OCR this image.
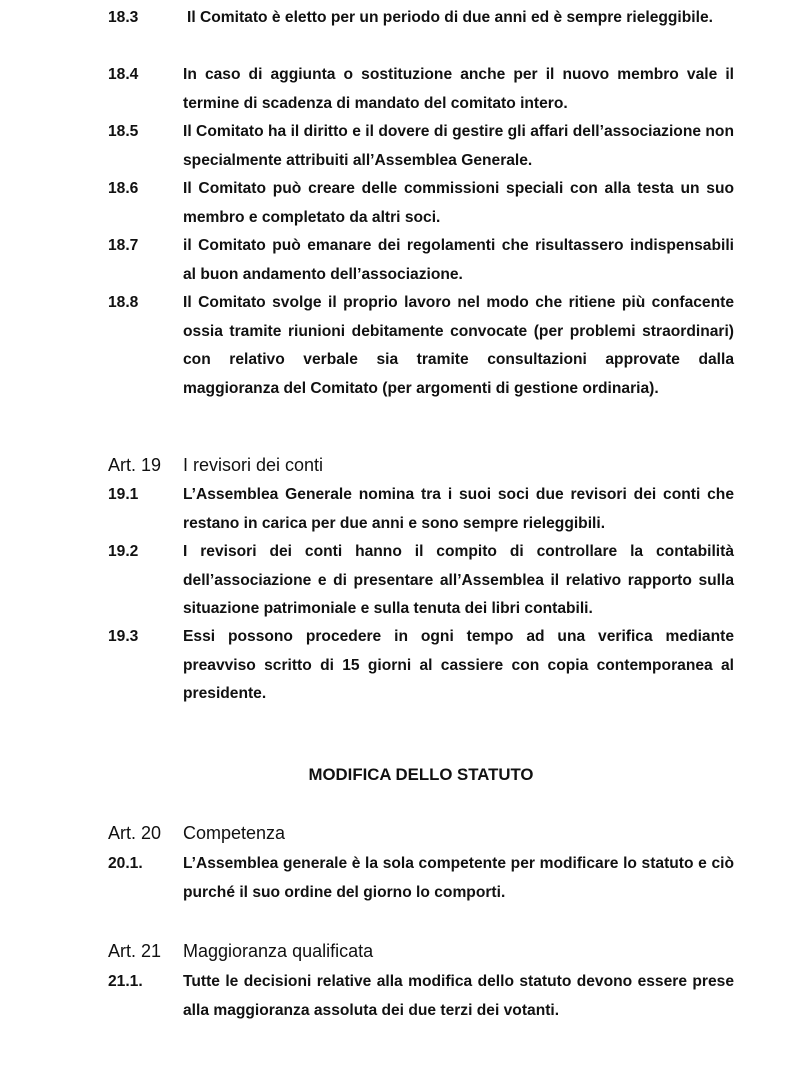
18.3	Il Comitato è eletto per un periodo di due anni ed è sempre rieleggibile.
18.4	In caso di aggiunta o sostituzione anche per il nuovo membro vale il termine di scadenza di mandato del comitato intero.
18.5	Il Comitato ha il diritto e il dovere di gestire gli affari dell’associazione non specialmente attribuiti all’Assemblea Generale.
18.6	Il Comitato può creare delle commissioni speciali con alla testa un suo membro e completato da altri soci.
18.7	il Comitato può emanare dei regolamenti che risultassero indispensabili al buon andamento dell’associazione.
18.8	Il Comitato svolge il proprio lavoro nel modo che ritiene più confacente ossia tramite riunioni debitamente convocate (per problemi straordinari) con relativo verbale sia tramite consultazioni approvate dalla maggioranza del Comitato (per argomenti di gestione ordinaria).
Art. 19 I revisori dei conti
19.1	L’Assemblea Generale nomina tra i suoi soci due revisori dei conti che restano in carica per due anni e sono sempre rieleggibili.
19.2	I revisori dei conti hanno il compito di controllare la contabilità dell’associazione e di presentare all’Assemblea il relativo rapporto sulla situazione patrimoniale e sulla tenuta dei libri contabili.
19.3	Essi possono procedere in ogni tempo ad una verifica mediante preavviso scritto di 15 giorni al cassiere con copia contemporanea al presidente.
MODIFICA DELLO STATUTO
Art. 20 Competenza
20.1.	L’Assemblea generale è la sola competente per modificare lo statuto e ciò purché il suo ordine del giorno lo comporti.
Art. 21 Maggioranza qualificata
21.1.	Tutte le decisioni relative alla modifica dello statuto devono essere prese alla maggioranza assoluta dei due terzi dei votanti.
